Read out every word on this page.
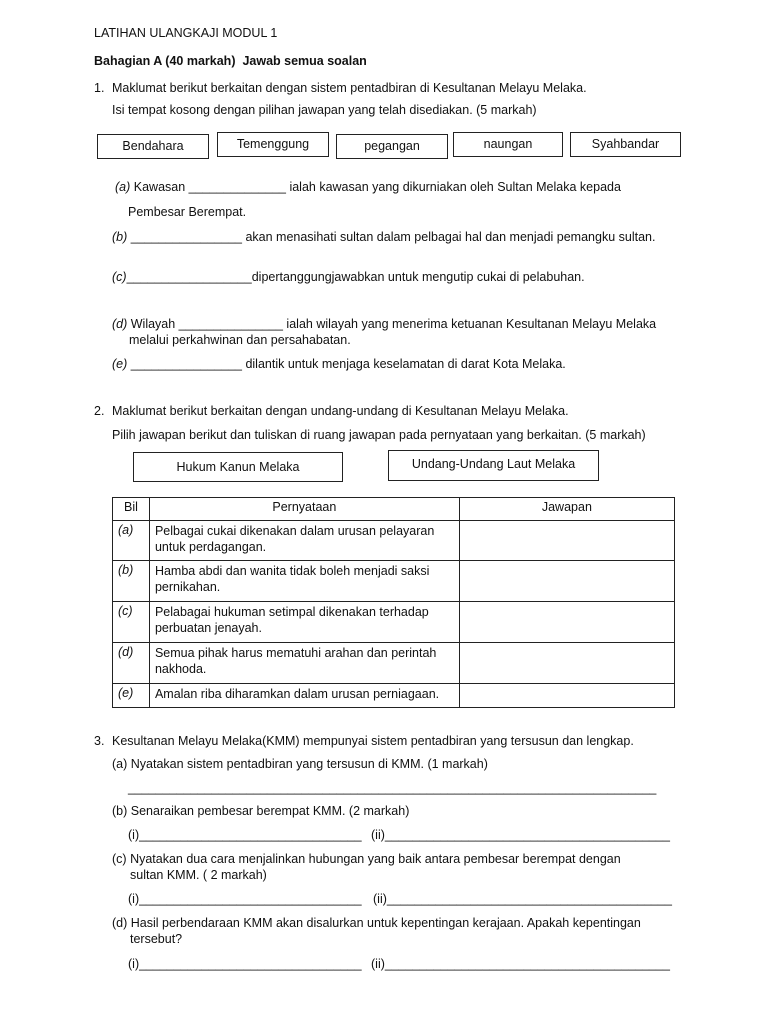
LATIHAN ULANGKAJI MODUL 1
Bahagian A (40 markah) Jawab semua soalan
1. Maklumat berikut berkaitan dengan sistem pentadbiran di Kesultanan Melayu Melaka.
Isi tempat kosong dengan pilihan jawapan yang telah disediakan. (5 markah)
Bendahara	Temenggung	pegangan	naungan	Syahbandar
(a) Kawasan ______________ ialah kawasan yang dikurniakan oleh Sultan Melaka kepada
Pembesar Berempat.
(b) ________________ akan menasihati sultan dalam pelbagai hal dan menjadi pemangku sultan.
(c)__________________dipertanggungjawabkan untuk mengutip cukai di pelabuhan.
(d) Wilayah _______________ ialah wilayah yang menerima ketuanan Kesultanan Melayu Melaka
melalui perkahwinan dan persahabatan.
(e) ________________ dilantik untuk menjaga keselamatan di darat Kota Melaka.
2. Maklumat berikut berkaitan dengan undang-undang di Kesultanan Melayu Melaka.
Pilih jawapan berikut dan tuliskan di ruang jawapan pada pernyataan yang berkaitan. (5 markah)
Hukum Kanun Melaka	Undang-Undang Laut Melaka
Bil	Pernyataan	Jawapan
(a)	Pelbagai cukai dikenakan dalam urusan pelayaran untuk perdagangan.	
(b)	Hamba abdi dan wanita tidak boleh menjadi saksi pernikahan.	
(c)	Pelabagai hukuman setimpal dikenakan terhadap perbuatan jenayah.	
(d)	Semua pihak harus mematuhi arahan dan perintah nakhoda.	
(e)	Amalan riba diharamkan dalam urusan perniagaan.	
3. Kesultanan Melayu Melaka(KMM) mempunyai sistem pentadbiran yang tersusun dan lengkap.
(a) Nyatakan sistem pentadbiran yang tersusun di KMM. (1 markah)
____________________________________________________________________________
(b) Senaraikan pembesar berempat KMM. (2 markah)
(i)________________________________ (ii)_________________________________________
(c) Nyatakan dua cara menjalinkan hubungan yang baik antara pembesar berempat dengan
sultan KMM. ( 2 markah)
(i)________________________________ (ii)_________________________________________
(d) Hasil perbendaraan KMM akan disalurkan untuk kepentingan kerajaan. Apakah kepentingan
tersebut?
(i)________________________________ (ii)_________________________________________
